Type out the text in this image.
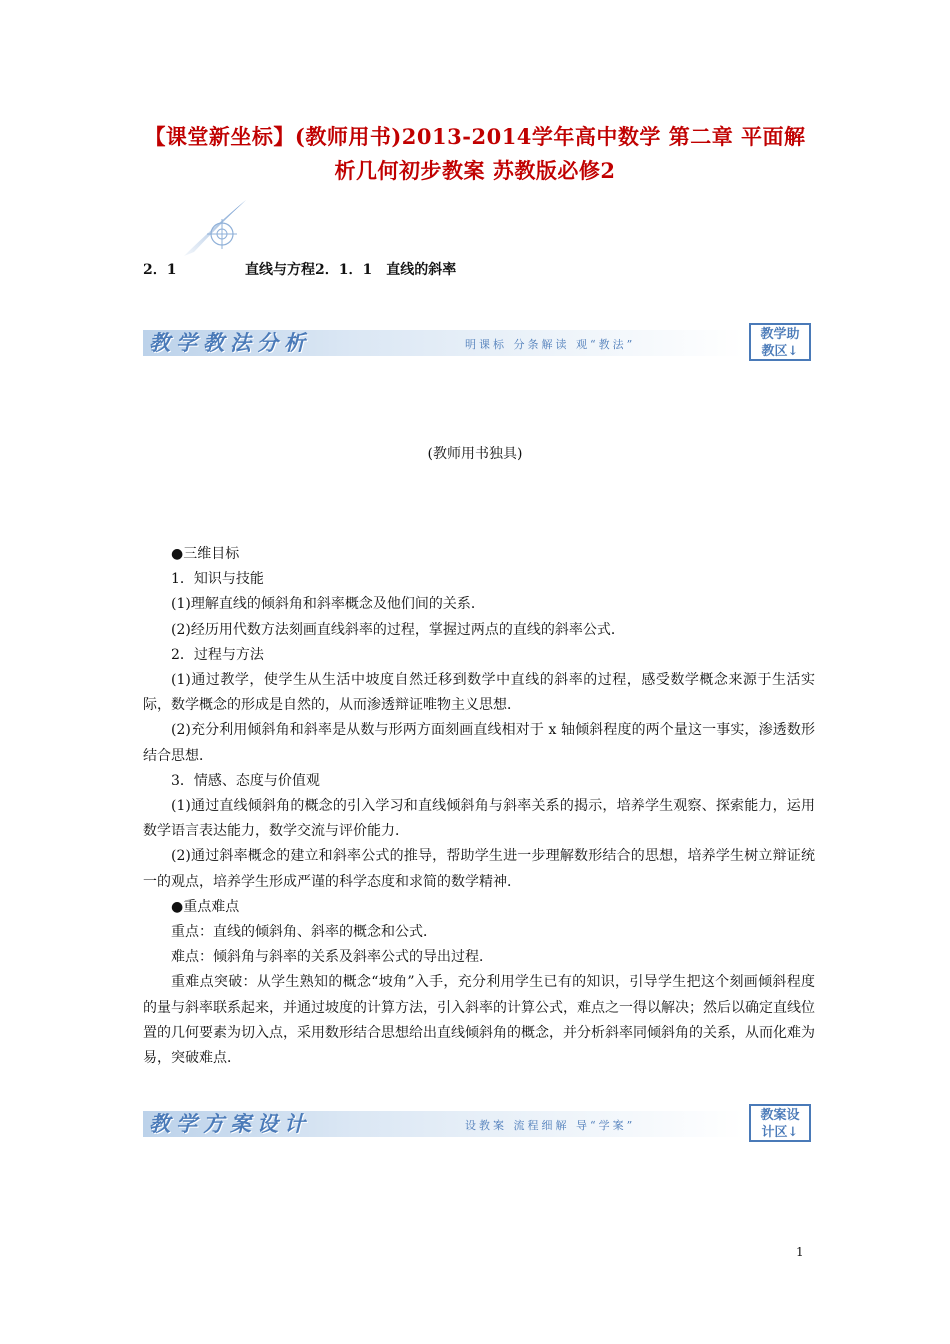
【课堂新坐标】(教师用书)2013-2014学年高中数学 第二章 平面解
析几何初步教案 苏教版必修2
2．1	直线与方程2．1．1　直线的斜率
教学教法分析	明课标 分条解读 观“教法”
教学助
教区↓
(教师用书独具)

●三维目标

1．知识与技能

(1)理解直线的倾斜角和斜率概念及他们间的关系．

(2)经历用代数方法刻画直线斜率的过程，掌握过两点的直线的斜率公式．

2．过程与方法

(1)通过教学，使学生从生活中坡度自然迁移到数学中直线的斜率的过程，感受数学概念来源于生活实际，数学概念的形成是自然的，从而渗透辩证唯物主义思想．

(2)充分利用倾斜角和斜率是从数与形两方面刻画直线相对于 x 轴倾斜程度的两个量这一事实，渗透数形结合思想．

3．情感、态度与价值观

(1)通过直线倾斜角的概念的引入学习和直线倾斜角与斜率关系的揭示，培养学生观察、探索能力，运用数学语言表达能力，数学交流与评价能力．

(2)通过斜率概念的建立和斜率公式的推导，帮助学生进一步理解数形结合的思想，培养学生树立辩证统一的观点，培养学生形成严谨的科学态度和求简的数学精神．

●重点难点

重点：直线的倾斜角、斜率的概念和公式．

难点：倾斜角与斜率的关系及斜率公式的导出过程．

重难点突破：从学生熟知的概念“坡角”入手，充分利用学生已有的知识，引导学生把这个刻画倾斜程度的量与斜率联系起来，并通过坡度的计算方法，引入斜率的计算公式，难点之一得以解决；然后以确定直线位置的几何要素为切入点，采用数形结合思想给出直线倾斜角的概念，并分析斜率同倾斜角的关系，从而化难为易，突破难点．

教学方案设计	设教案 流程细解 导“学案”
教案设
计区↓
1
